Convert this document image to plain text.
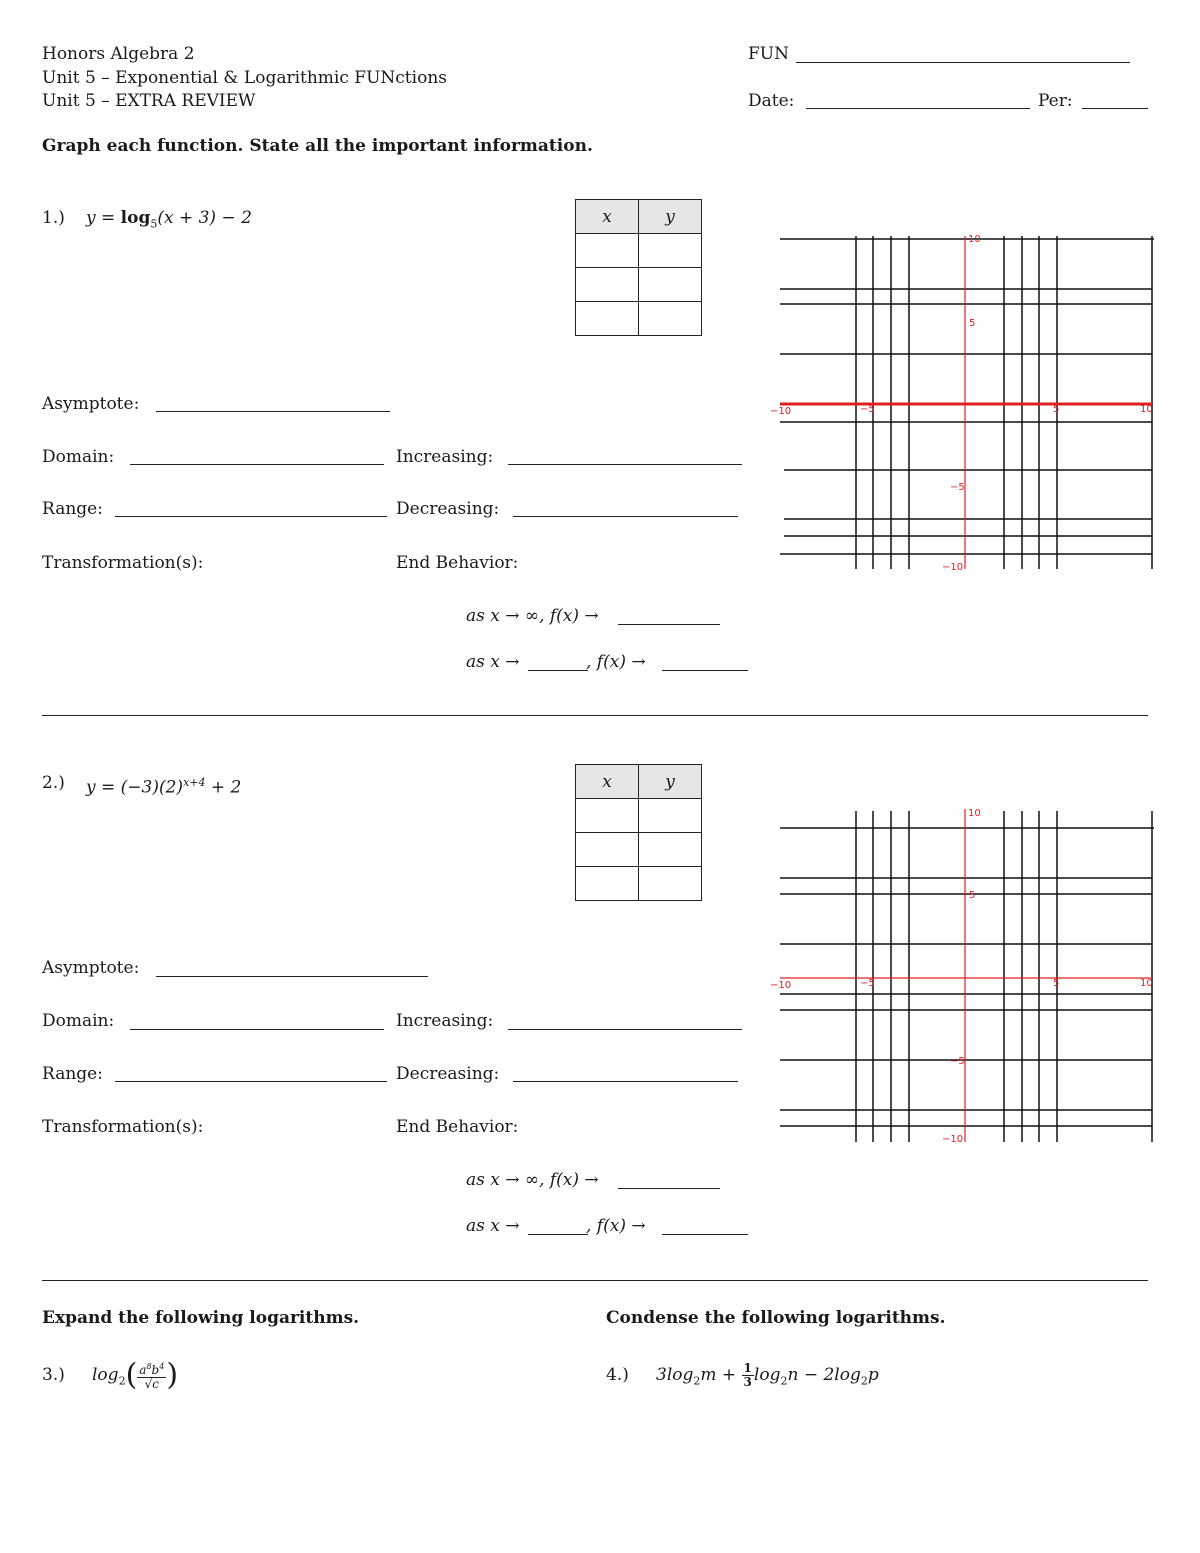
Honors Algebra 2
Unit 5 – Exponential & Logarithmic FUNctions
Unit 5 – EXTRA REVIEW
FUN
Date:	Per:
Graph each function. State all the important information.
1.) $y = \log_5(x + 3) - 2$	x	y

Asymptote:
Domain:	Increasing:
Range:	Decreasing:
Transformation(s):	End Behavior:
as x → ∞, f(x) →
as x →	, f(x) →
−10	−5	5	10
10
5
−5
−10
2.) $y = (-3)(2)^{x+4} + 2$	x	y

Asymptote:
Domain:	Increasing:
Range:	Decreasing:
Transformation(s):	End Behavior:
as x → ∞, f(x) →
as x →	, f(x) →
−10	−5	5	10
10
5
−5
−10
Expand the following logarithms.	Condense the following logarithms.
3.) $\log_2( \frac{a^8b^4}{√c}$ )	4.) $3\log_2m + \frac{1}{3} \log_2n - 2\log_2p$
